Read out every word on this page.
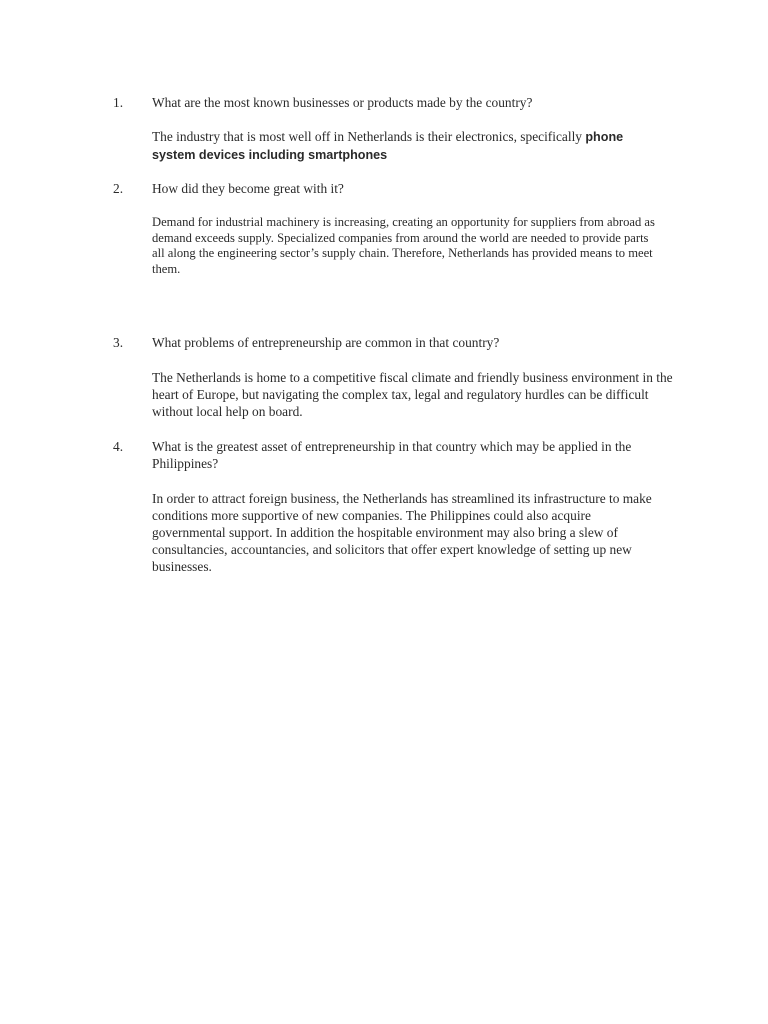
1. What are the most known businesses or products made by the country?
The industry that is most well off in Netherlands is their electronics, specifically phone
system devices including smartphones
2. How did they become great with it?
Demand for industrial machinery is increasing, creating an opportunity for suppliers from abroad as demand exceeds supply. Specialized companies from around the world are needed to provide parts all along the engineering sector’s supply chain. Therefore, Netherlands has provided means to meet them.
3. What problems of entrepreneurship are common in that country?
The Netherlands is home to a competitive fiscal climate and friendly business environment in the heart of Europe, but navigating the complex tax, legal and regulatory hurdles can be difficult without local help on board.
4. What is the greatest asset of entrepreneurship in that country which may be applied in the Philippines?
In order to attract foreign business, the Netherlands has streamlined its infrastructure to make conditions more supportive of new companies. The Philippines could also acquire governmental support. In addition the hospitable environment may also bring a slew of consultancies, accountancies, and solicitors that offer expert knowledge of setting up new businesses.
